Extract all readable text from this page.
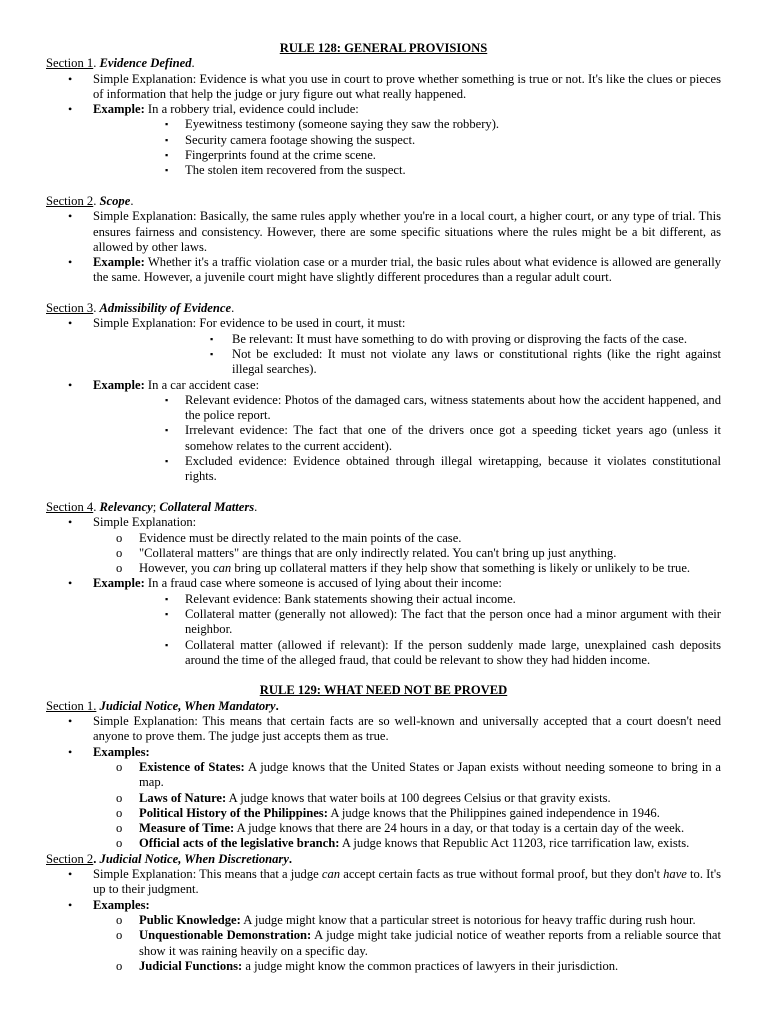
RULE 128: GENERAL PROVISIONS

Section 1. Evidence Defined.

• Simple Explanation: Evidence is what you use in court to prove whether something is true or not. It's like the clues or pieces of information that help the judge or jury figure out what really happened.
• Example: In a robbery trial, evidence could include:
▪ Eyewitness testimony (someone saying they saw the robbery).
▪ Security camera footage showing the suspect.
▪ Fingerprints found at the crime scene.
▪ The stolen item recovered from the suspect.

Section 2. Scope.

• Simple Explanation: Basically, the same rules apply whether you're in a local court, a higher court, or any type of trial. This ensures fairness and consistency. However, there are some specific situations where the rules might be a bit different, as allowed by other laws.
• Example: Whether it's a traffic violation case or a murder trial, the basic rules about what evidence is allowed are generally the same. However, a juvenile court might have slightly different procedures than a regular adult court.

Section 3. Admissibility of Evidence.

• Simple Explanation: For evidence to be used in court, it must:
▪ Be relevant: It must have something to do with proving or disproving the facts of the case.
▪ Not be excluded: It must not violate any laws or constitutional rights (like the right against illegal searches).
• Example: In a car accident case:
▪ Relevant evidence: Photos of the damaged cars, witness statements about how the accident happened, and the police report.
▪ Irrelevant evidence: The fact that one of the drivers once got a speeding ticket years ago (unless it somehow relates to the current accident).
▪ Excluded evidence: Evidence obtained through illegal wiretapping, because it violates constitutional rights.

Section 4. Relevancy; Collateral Matters.

• Simple Explanation:
o Evidence must be directly related to the main points of the case.
o "Collateral matters" are things that are only indirectly related. You can't bring up just anything.
o However, you can bring up collateral matters if they help show that something is likely or unlikely to be true.
• Example: In a fraud case where someone is accused of lying about their income:
▪ Relevant evidence: Bank statements showing their actual income.
▪ Collateral matter (generally not allowed): The fact that the person once had a minor argument with their neighbor.
▪ Collateral matter (allowed if relevant): If the person suddenly made large, unexplained cash deposits around the time of the alleged fraud, that could be relevant to show they had hidden income.

RULE 129: WHAT NEED NOT BE PROVED

Section 1. Judicial Notice, When Mandatory.

• Simple Explanation: This means that certain facts are so well-known and universally accepted that a court doesn't need anyone to prove them. The judge just accepts them as true.
• Examples:
o Existence of States: A judge knows that the United States or Japan exists without needing someone to bring in a map.
o Laws of Nature: A judge knows that water boils at 100 degrees Celsius or that gravity exists.
o Political History of the Philippines: A judge knows that the Philippines gained independence in 1946.
o Measure of Time: A judge knows that there are 24 hours in a day, or that today is a certain day of the week.
o Official acts of the legislative branch: A judge knows that Republic Act 11203, rice tarrification law, exists.

Section 2. Judicial Notice, When Discretionary.

• Simple Explanation: This means that a judge can accept certain facts as true without formal proof, but they don't have to. It's up to their judgment.
• Examples:
o Public Knowledge: A judge might know that a particular street is notorious for heavy traffic during rush hour.
o Unquestionable Demonstration: A judge might take judicial notice of weather reports from a reliable source that show it was raining heavily on a specific day.
o Judicial Functions: a judge might know the common practices of lawyers in their jurisdiction.
